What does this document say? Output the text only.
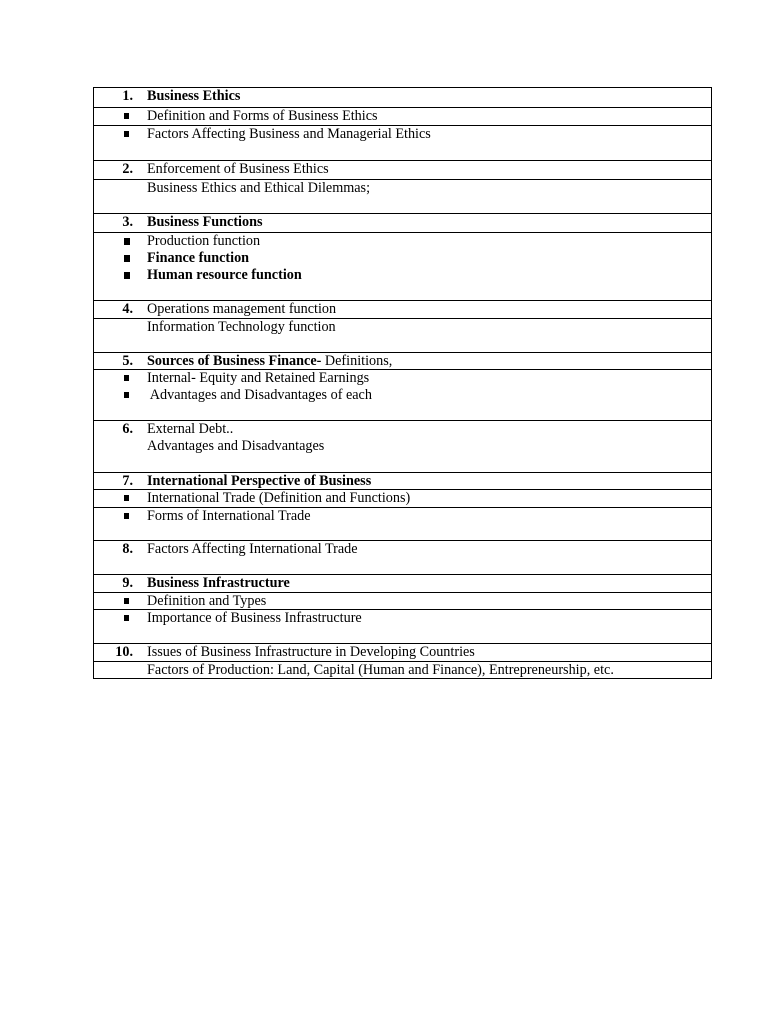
1. Business Ethics
Definition and Forms of Business Ethics
Factors Affecting Business and Managerial Ethics
2. Enforcement of Business Ethics
Business Ethics and Ethical Dilemmas;
3. Business Functions
Production function
Finance function
Human resource function
4. Operations management function
Information Technology function
5. Sources of Business Finance- Definitions,
Internal- Equity and Retained Earnings
Advantages and Disadvantages of each
6. External Debt..
Advantages and Disadvantages
7. International Perspective of Business
International Trade (Definition and Functions)
Forms of International Trade
8. Factors Affecting International Trade
9. Business Infrastructure
Definition and Types
Importance of Business Infrastructure
10. Issues of Business Infrastructure in Developing Countries
Factors of Production: Land, Capital (Human and Finance), Entrepreneurship, etc.
